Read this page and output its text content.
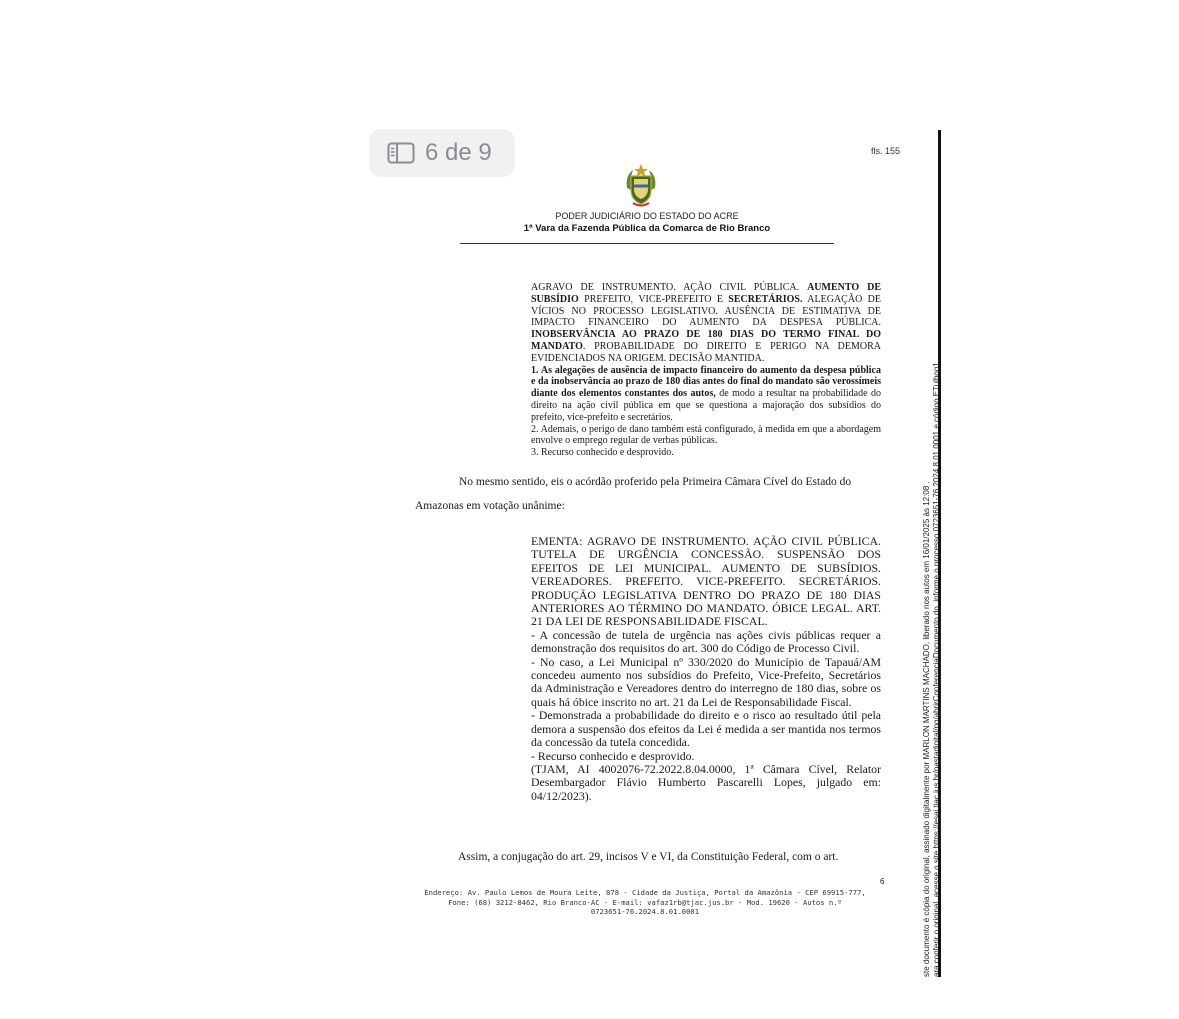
6 de 9	fls. 155
PODER JUDICIÁRIO DO ESTADO DO ACRE
1ª Vara da Fazenda Pública da Comarca de Rio Branco

AGRAVO DE INSTRUMENTO. AÇÃO CIVIL PÚBLICA. AUMENTO DE SUBSÍDIO PREFEITO, VICE-PREFEITO E SECRETÁRIOS. ALEGAÇÃO DE VÍCIOS NO PROCESSO LEGISLATIVO. AUSÊNCIA DE ESTIMATIVA DE IMPACTO FINANCEIRO DO AUMENTO DA DESPESA PÚBLICA. INOBSERVÂNCIA AO PRAZO DE 180 DIAS DO TERMO FINAL DO MANDATO. PROBABILIDADE DO DIREITO E PERIGO NA DEMORA EVIDENCIADOS NA ORIGEM. DECISÃO MANTIDA.

1. As alegações de ausência de impacto financeiro do aumento da despesa pública e da inobservância ao prazo de 180 dias antes do final do mandato são verossímeis diante dos elementos constantes dos autos, de modo a resultar na probabilidade do direito na ação civil pública em que se questiona a majoração dos subsídios do prefeito, vice-prefeito e secretários.

2. Ademais, o perigo de dano também está configurado, à medida em que a abordagem envolve o emprego regular de verbas públicas.

3. Recurso conhecido e desprovido.

No mesmo sentido, eis o acórdão proferido pela Primeira Câmara Cível do Estado do
Amazonas em votação unânime:

EMENTA: AGRAVO DE INSTRUMENTO. AÇÃO CIVIL PÚBLICA. TUTELA DE URGÊNCIA CONCESSÃO. SUSPENSÃO DOS EFEITOS DE LEI MUNICIPAL. AUMENTO DE SUBSÍDIOS. VEREADORES. PREFEITO. VICE-PREFEITO. SECRETÁRIOS. PRODUÇÃO LEGISLATIVA DENTRO DO PRAZO DE 180 DIAS ANTERIORES AO TÉRMINO DO MANDATO. ÓBICE LEGAL. ART. 21 DA LEI DE RESPONSABILIDADE FISCAL.

- A concessão de tutela de urgência nas ações civis públicas requer a demonstração dos requisitos do art. 300 do Código de Processo Civil.

- No caso, a Lei Municipal nº 330/2020 do Município de Tapauá/AM concedeu aumento nos subsídios do Prefeito, Vice-Prefeito, Secretários da Administração e Vereadores dentro do interregno de 180 dias, sobre os quais há óbice inscrito no art. 21 da Lei de Responsabilidade Fiscal.

- Demonstrada a probabilidade do direito e o risco ao resultado útil pela demora a suspensão dos efeitos da Lei é medida a ser mantida nos termos da concessão da tutela concedida.

- Recurso conhecido e desprovido.

(TJAM, AI 4002076-72.2022.8.04.0000, 1ª Câmara Cível, Relator Desembargador Flávio Humberto Pascarelli Lopes, julgado em: 04/12/2023).

Assim, a conjugação do art. 29, incisos V e VI, da Constituição Federal, com o art.
6
Endereço: Av. Paulo Lemos de Moura Leite, 878 - Cidade da Justiça, Portal da Amazônia - CEP 69915-777,
Fone: (68) 3212-8462, Rio Branco-AC - E-mail: vafaz1rb@tjac.jus.br - Mod. 19620 - Autos n.º
0723651-76.2024.8.01.0001	ste documento é cópia do original, assinado digitalmente por MARLON MARTINS MACHADO, liberado nos autos em 16/01/2025 às 12:08 . ara conferir o original, acesse o site https://esaj.tjac.jus.br/pastadigital/pg/abrirConferenciaDocumento.do, informe o processo 0723651-76.2024.8.01.0001 e código ETulbog1.
